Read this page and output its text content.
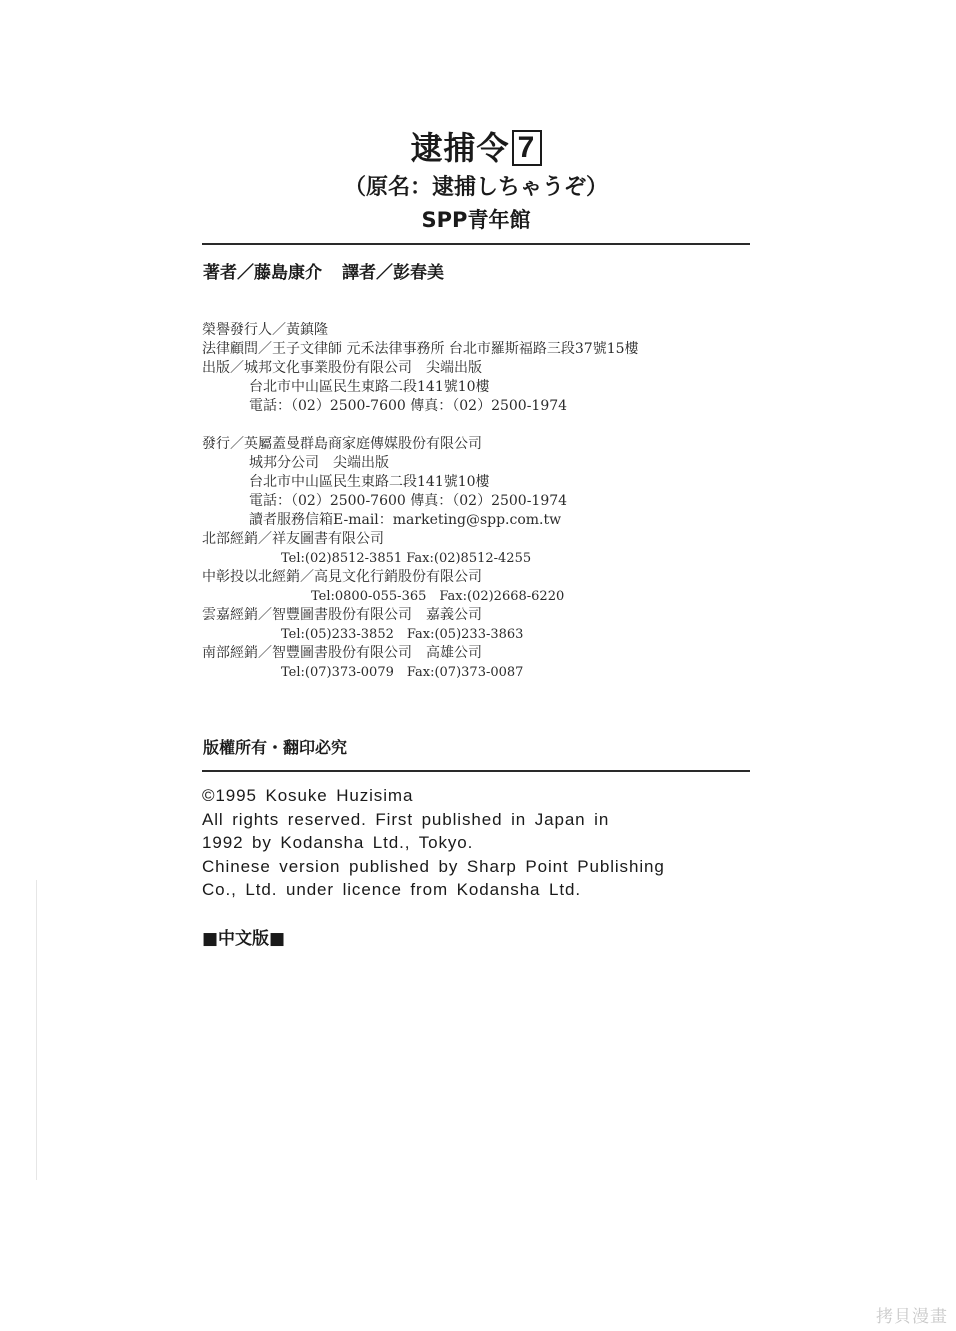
逮捕令 7
（原名：逮捕しちゃうぞ）
SPP青年館
著者／藤島康介 譯者／彭春美
榮譽發行人／黃鎮隆
法律顧問／王子文律師 元禾法律事務所 台北市羅斯福路三段37號15樓
出版／城邦文化事業股份有限公司　尖端出版
台北市中山區民生東路二段141號10樓
電話：（02）2500-7600 傳真：（02）2500-1974
發行／英屬蓋曼群島商家庭傳媒股份有限公司
城邦分公司　尖端出版
台北市中山區民生東路二段141號10樓
電話：（02）2500-7600 傳真：（02）2500-1974
讀者服務信箱E-mail：marketing@spp.com.tw
北部經銷／祥友圖書有限公司
Tel:(02)8512-3851 Fax:(02)8512-4255
中彰投以北經銷／高見文化行銷股份有限公司
Tel:0800-055-365　Fax:(02)2668-6220
雲嘉經銷／智豐圖書股份有限公司　嘉義公司
Tel:(05)233-3852　Fax:(05)233-3863
南部經銷／智豐圖書股份有限公司　高雄公司
Tel:(07)373-0079　Fax:(07)373-0087
版權所有・翻印必究
©1995 Kosuke Huzisima
All rights reserved. First published in Japan in
1992 by Kodansha Ltd., Tokyo.
Chinese version published by Sharp Point Publishing
Co., Ltd. under licence from Kodansha Ltd.
■中文版■
拷貝漫畫
